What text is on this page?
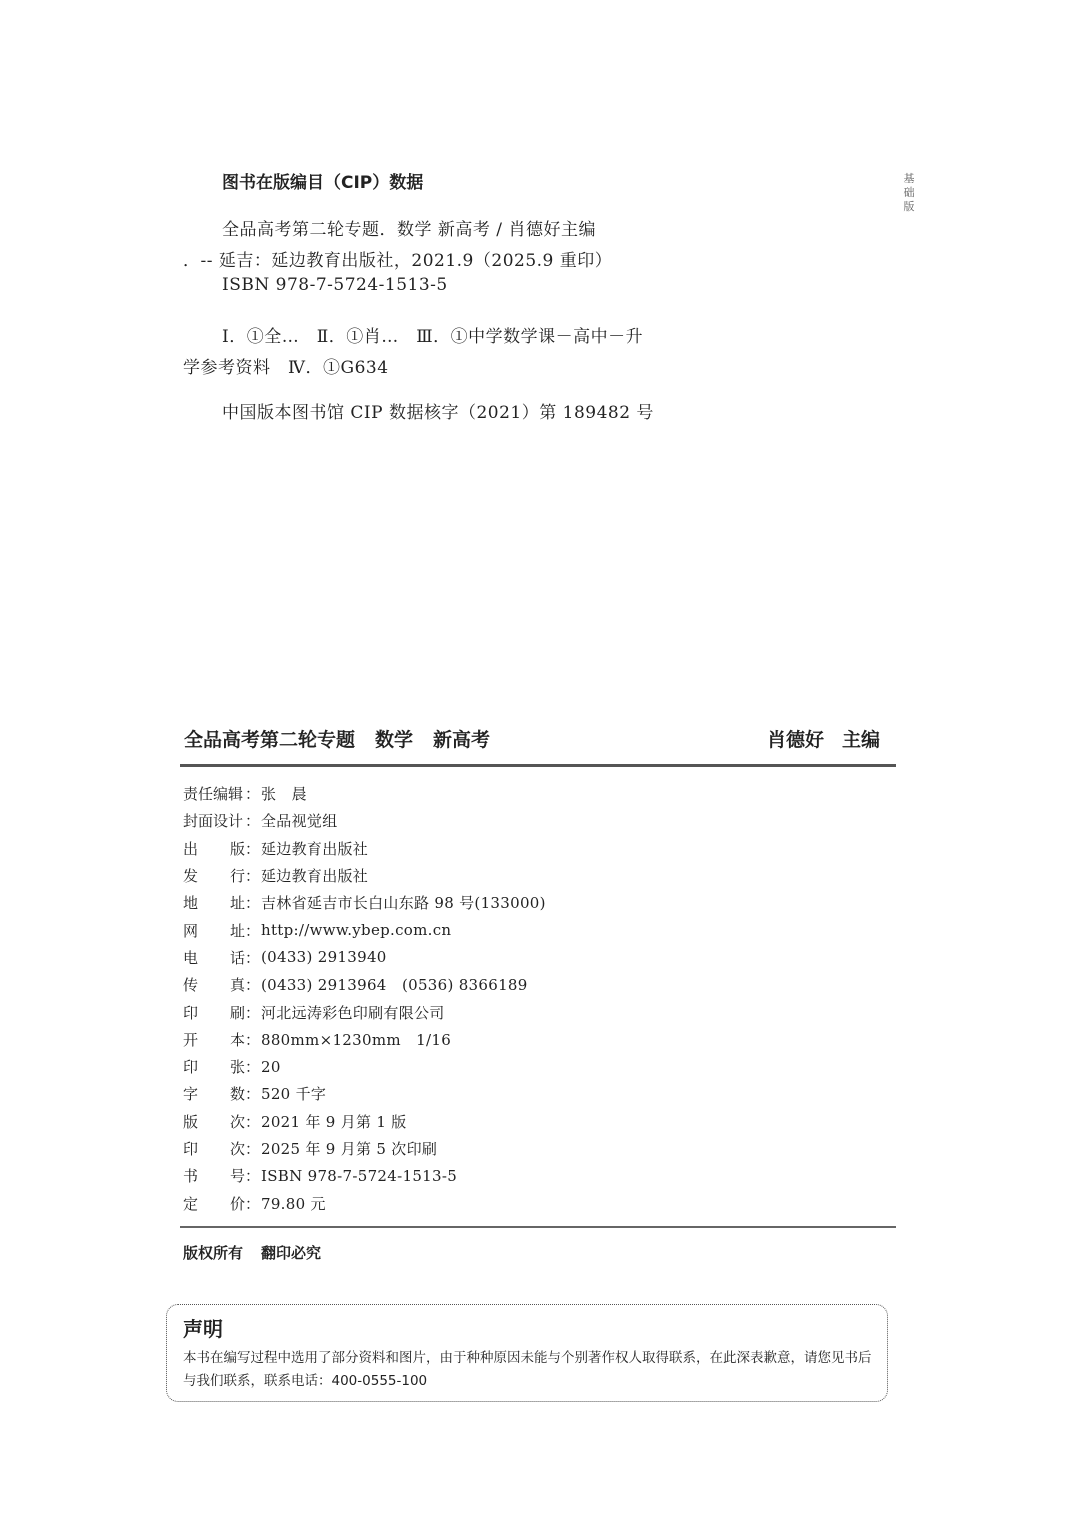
图书在版编目（CIP）数据
全品高考第二轮专题．数学 新高考 / 肖德好主编
．-- 延吉：延边教育出版社，2021.9（2025.9 重印）
ISBN 978-7-5724-1513-5
Ⅰ．①全…　Ⅱ．①肖…　Ⅲ．①中学数学课－高中－升
学参考资料　Ⅳ．①G634
中国版本图书馆 CIP 数据核字（2021）第 189482 号
基础版
全品高考第二轮专题 数学 新高考	肖德好 主编
责任编辑 ： 张　晨
封面设计 ： 全品视觉组
出 版 ： 延边教育出版社
发 行 ： 延边教育出版社
地 址 ： 吉林省延吉市长白山东路 98 号(133000)
网 址 ： http://www.ybep.com.cn
电 话 ： (0433) 2913940
传 真 ： (0433) 2913964　(0536) 8366189
印 刷 ： 河北远涛彩色印刷有限公司
开 本 ： 880mm×1230mm　1/16
印 张 ： 20
字 数 ： 520 千字
版 次 ： 2021 年 9 月第 1 版
印 次 ： 2025 年 9 月第 5 次印刷
书 号 ： ISBN 978-7-5724-1513-5
定 价 ： 79.80 元
版权所有 翻印必究
声明
本书在编写过程中选用了部分资料和图片，由于种种原因未能与个别著作权人取得联系，在此深表歉意，请您见书后与我们联系，联系电话：400-0555-100
